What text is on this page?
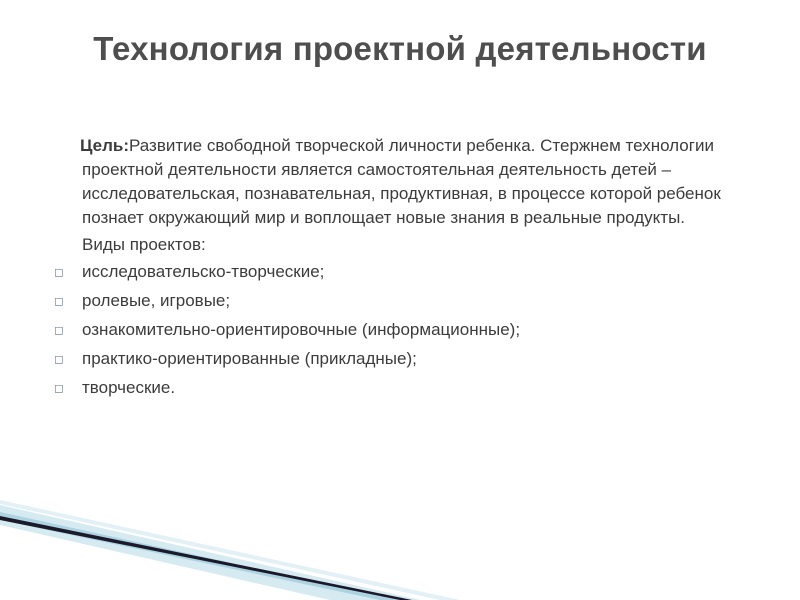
Технология проектной деятельности

Цель:Развитие свободной творческой личности ребенка. Стержнем технологии проектной деятельности является самостоятельная деятельность детей – исследовательская, познавательная, продуктивная, в процессе которой ребенок познает окружающий мир и воплощает новые знания в реальные продукты.

Виды проектов:

◻	исследовательско-творческие;
◻	ролевые, игровые;
◻	ознакомительно-ориентировочные (информационные);
◻	практико-ориентированные (прикладные);
◻	творческие.
